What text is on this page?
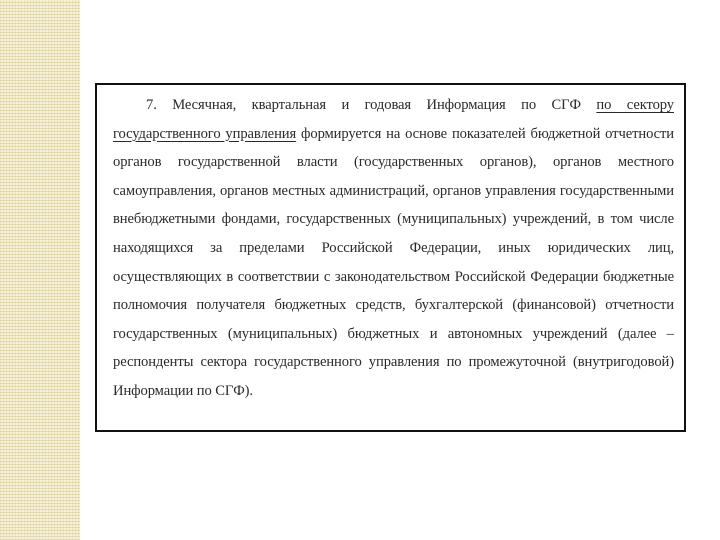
7. Месячная, квартальная и годовая Информация по СГФ по сектору государственного управления формируется на основе показателей бюджетной отчетности органов государственной власти (государственных органов), органов местного самоуправления, органов местных администраций, органов управления государственными внебюджетными фондами, государственных (муниципальных) учреждений, в том числе находящихся за пределами Российской Федерации, иных юридических лиц, осуществляющих в соответствии с законодательством Российской Федерации бюджетные полномочия получателя бюджетных средств, бухгалтерской (финансовой) отчетности государственных (муниципальных) бюджетных и автономных учреждений (далее – респонденты сектора государственного управления по промежуточной (внутригодовой) Информации по СГФ).
